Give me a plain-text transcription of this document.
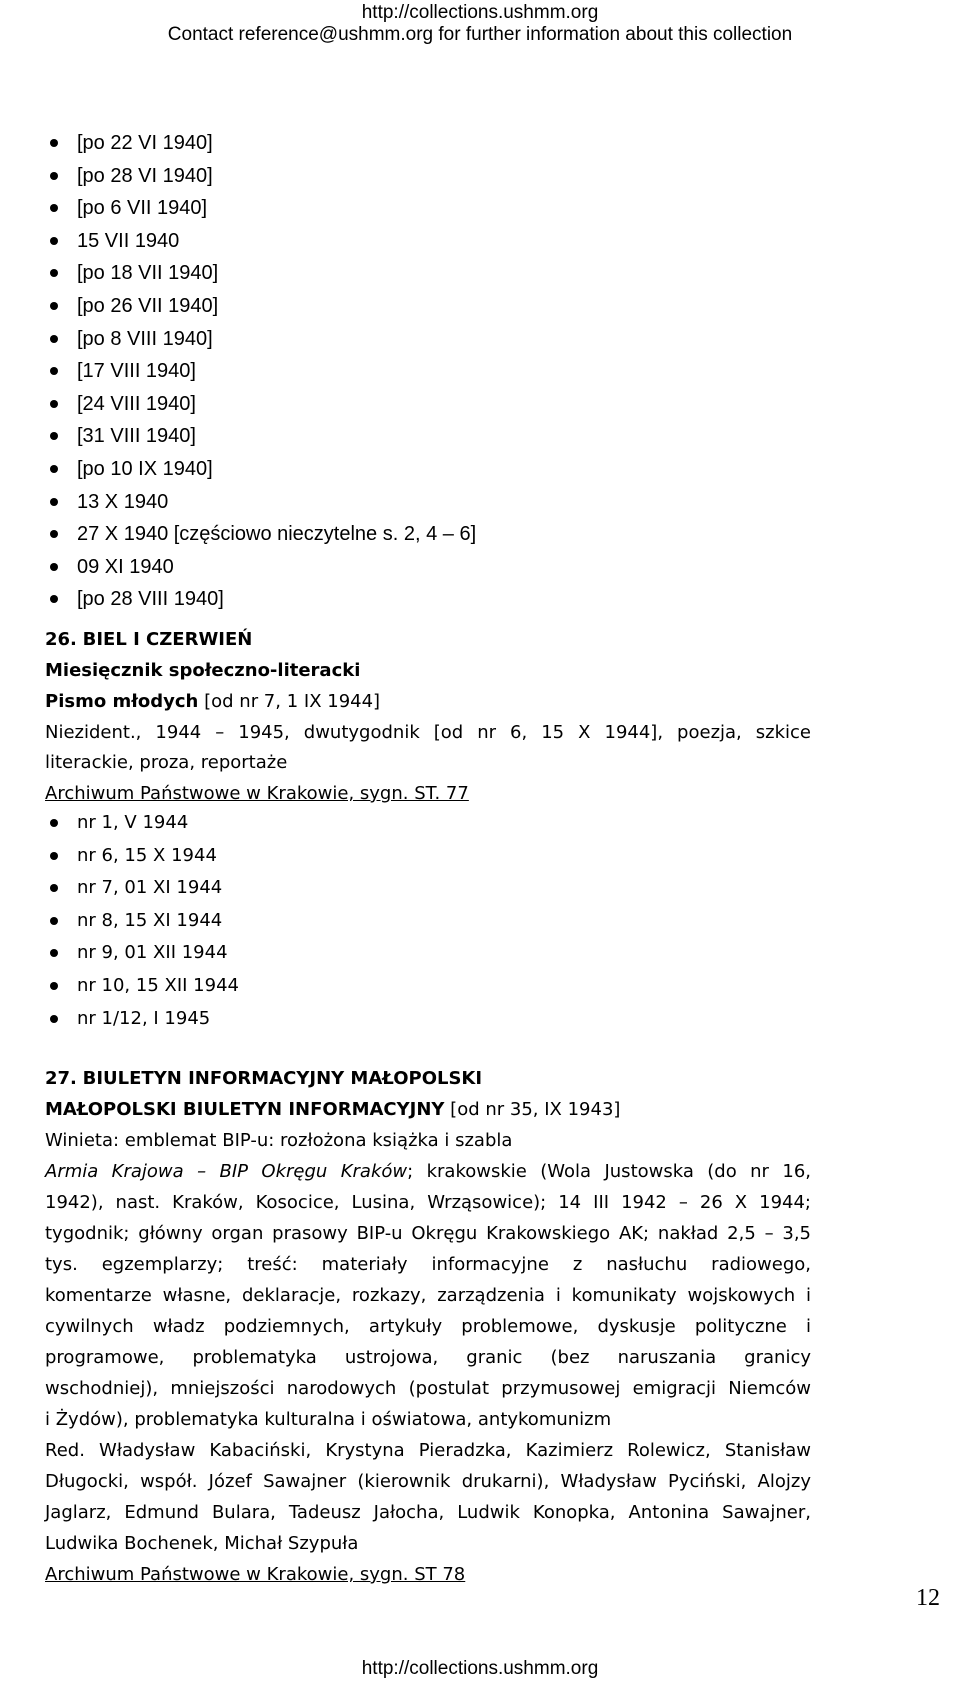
http://collections.ushmm.org
Contact reference@ushmm.org for further information about this collection
[po 22 VI 1940]
[po 28 VI 1940]
[po 6 VII 1940]
15 VII 1940
[po 18 VII 1940]
[po 26 VII 1940]
[po 8 VIII 1940]
[17 VIII 1940]
[24 VIII 1940]
[31 VIII 1940]
[po 10 IX 1940]
13 X 1940
27 X 1940 [częściowo nieczytelne s. 2, 4 – 6]
09 XI 1940
[po 28 VIII 1940]
26. BIEL I CZERWIEŃ
Miesięcznik społeczno-literacki
Pismo młodych [od nr 7, 1 IX 1944]
Niezident., 1944 – 1945, dwutygodnik [od nr 6, 15 X 1944], poezja, szkice
literackie, proza, reportaże
Archiwum Państwowe w Krakowie, sygn. ST. 77
nr 1, V 1944
nr 6, 15 X 1944
nr 7, 01 XI 1944
nr 8, 15 XI 1944
nr 9, 01 XII 1944
nr 10, 15 XII 1944
nr 1/12, I 1945
27. BIULETYN INFORMACYJNY MAŁOPOLSKI
MAŁOPOLSKI BIULETYN INFORMACYJNY [od nr 35, IX 1943]
Winieta: emblemat BIP-u: rozłożona książka i szabla
Armia Krajowa – BIP Okręgu Kraków; krakowskie (Wola Justowska (do nr 16,
1942), nast. Kraków, Kosocice, Lusina, Wrząsowice); 14 III 1942 – 26 X 1944;
tygodnik; główny organ prasowy BIP-u Okręgu Krakowskiego AK; nakład 2,5 – 3,5
tys. egzemplarzy; treść: materiały informacyjne z nasłuchu radiowego,
komentarze własne, deklaracje, rozkazy, zarządzenia i komunikaty wojskowych i
cywilnych władz podziemnych, artykuły problemowe, dyskusje polityczne i
programowe, problematyka ustrojowa, granic (bez naruszania granicy
wschodniej), mniejszości narodowych (postulat przymusowej emigracji Niemców
i Żydów), problematyka kulturalna i oświatowa, antykomunizm
Red. Władysław Kabaciński, Krystyna Pieradzka, Kazimierz Rolewicz, Stanisław
Długocki, współ. Józef Sawajner (kierownik drukarni), Władysław Pyciński, Alojzy
Jaglarz, Edmund Bulara, Tadeusz Jałocha, Ludwik Konopka, Antonina Sawajner,
Ludwika Bochenek, Michał Szypuła
Archiwum Państwowe w Krakowie, sygn. ST 78
12
http://collections.ushmm.org
